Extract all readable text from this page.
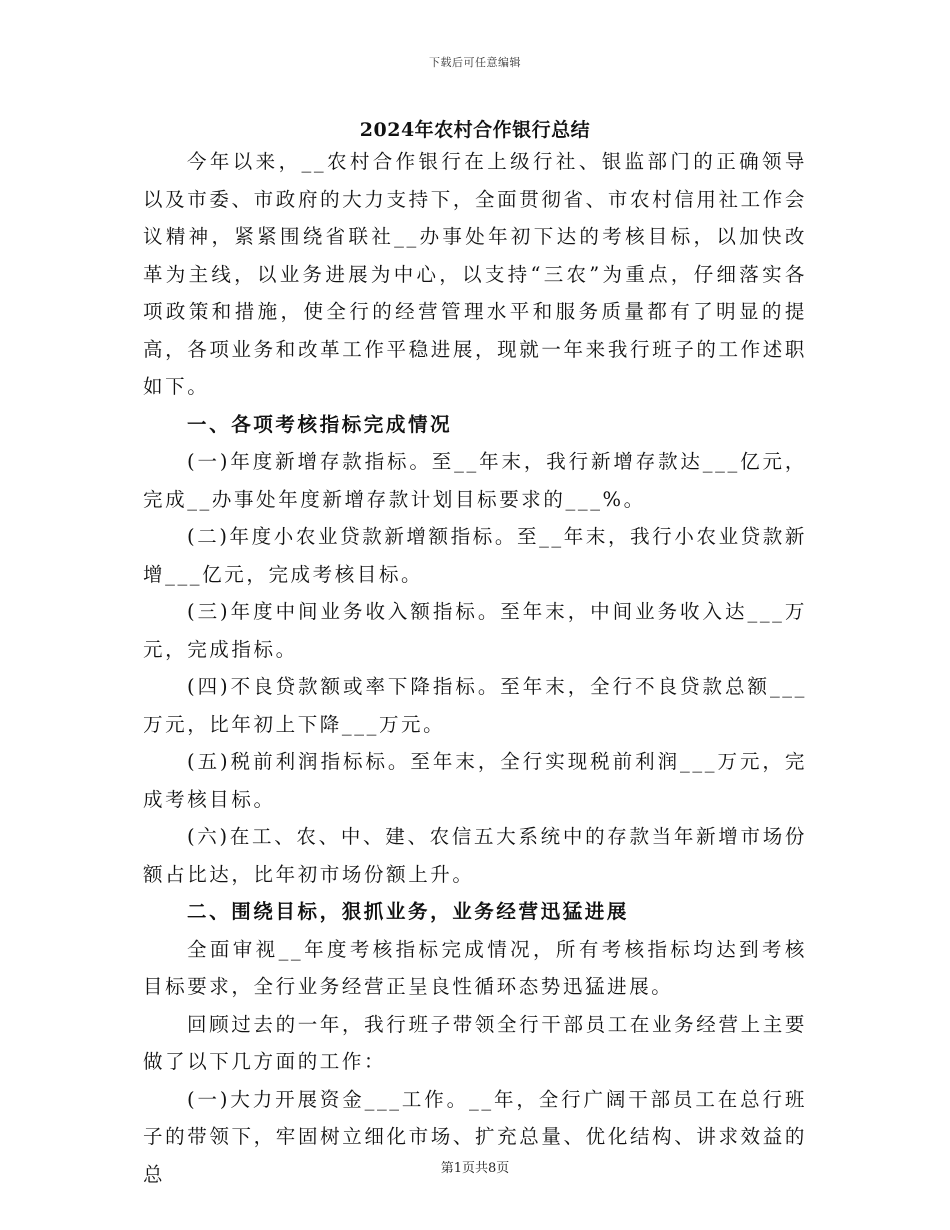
下载后可任意编辑
2024年农村合作银行总结

今年以来，__农村合作银行在上级行社、银监部门的正确领导以及市委、市政府的大力支持下，全面贯彻省、市农村信用社工作会议精神，紧紧围绕省联社__办事处年初下达的考核目标，以加快改革为主线，以业务进展为中心，以支持“三农”为重点，仔细落实各项政策和措施，使全行的经营管理水平和服务质量都有了明显的提高，各项业务和改革工作平稳进展，现就一年来我行班子的工作述职如下。

一、各项考核指标完成情况

(一)年度新增存款指标。至__年末，我行新增存款达___亿元，完成__办事处年度新增存款计划目标要求的___%。

(二)年度小农业贷款新增额指标。至__年末，我行小农业贷款新增___亿元，完成考核目标。

(三)年度中间业务收入额指标。至年末，中间业务收入达___万元，完成指标。

(四)不良贷款额或率下降指标。至年末，全行不良贷款总额___万元，比年初上下降___万元。

(五)税前利润指标标。至年末，全行实现税前利润___万元，完成考核目标。

(六)在工、农、中、建、农信五大系统中的存款当年新增市场份额占比达，比年初市场份额上升。

二、围绕目标，狠抓业务，业务经营迅猛进展

全面审视__年度考核指标完成情况，所有考核指标均达到考核目标要求，全行业务经营正呈良性循环态势迅猛进展。

回顾过去的一年，我行班子带领全行干部员工在业务经营上主要做了以下几方面的工作：

(一)大力开展资金___工作。__年，全行广阔干部员工在总行班子的带领下，牢固树立细化市场、扩充总量、优化结构、讲求效益的总	第1页共8页
